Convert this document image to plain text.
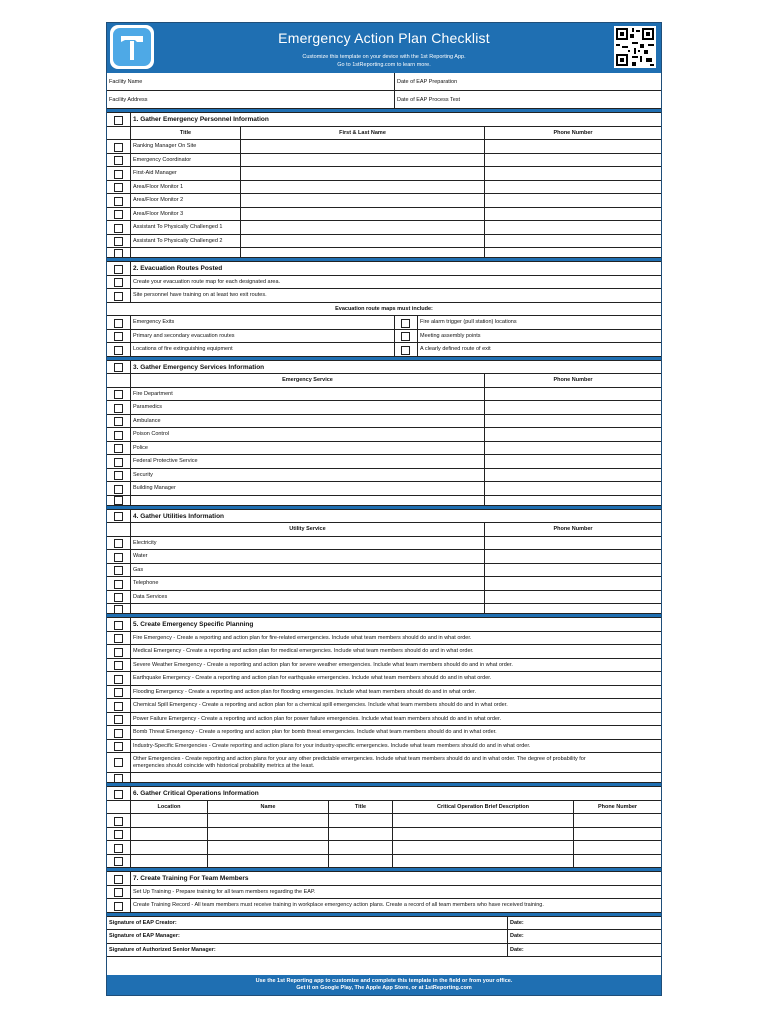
Emergency Action Plan Checklist
Customize this template on your device with the 1st Reporting App.
Go to 1stReporting.com to learn more.
Facility Name	Date of EAP Preparation
Facility Address	Date of EAP Process Test
1. Gather Emergency Personnel Information
Title	First & Last Name	Phone Number
Ranking Manager On Site
Emergency Coordinator
First-Aid Manager
Area/Floor Monitor 1
Area/Floor Monitor 2
Area/Floor Monitor 3
Assistant To Physically Challenged 1
Assistant To Physically Challenged 2
2. Evacuation Routes Posted
Create your evacuation route map for each designated area.
Site personnel have training on at least two exit routes.
Evacuation route maps must include:
Emergency Exits	Fire alarm trigger (pull station) locations
Primary and secondary evacuation routes	Meeting assembly points
Locations of fire extinguishing equipment	A clearly defined route of exit
3. Gather Emergency Services Information
Emergency Service	Phone Number
Fire Department
Paramedics
Ambulance
Poison Control
Police
Federal Protective Service
Security
Building Manager
4. Gather Utilities Information
Utility Service	Phone Number
Electricity
Water
Gas
Telephone
Data Services
5. Create Emergency Specific Planning
Fire Emergency - Create a reporting and action plan for fire-related emergencies. Include what team members should do and in what order.
Medical Emergency - Create a reporting and action plan for medical emergencies. Include what team members should do and in what order.
Severe Weather Emergency - Create a reporting and action plan for severe weather emergencies. Include what team members should do and in what order.
Earthquake Emergency - Create a reporting and action plan for earthquake emergencies. Include what team members should do and in what order.
Flooding Emergency - Create a reporting and action plan for flooding emergencies. Include what team members should do and in what order.
Chemical Spill Emergency - Create a reporting and action plan for a chemical spill emergencies. Include what team members should do and in what order.
Power Failure Emergency - Create a reporting and action plan for power failure emergencies. Include what team members should do and in what order.
Bomb Threat Emergency - Create a reporting and action plan for bomb threat emergencies. Include what team members should do and in what order.
Industry-Specific Emergencies - Create reporting and action plans for your industry-specific emergencies. Include what team members should do and in what order.
Other Emergencies - Create reporting and action plans for your any other predictable emergencies. Include what team members should do and in what order. The degree of probability for
emergencies should coincide with historical probability metrics at the least.
6. Gather Critical Operations Information
Location	Name	Title	Critical Operation Brief Description	Phone Number
7. Create Training For Team Members
Set Up Training - Prepare training for all team members regarding the EAP.
Create Training Record - All team members must receive training in workplace emergency action plans. Create a record of all team members who have received training.
Signature of EAP Creator:	Date:
Signature of EAP Manager:	Date:
Signature of Authorized Senior Manager:	Date:
Use the 1st Reporting app to customize and complete this template in the field or from your office.
Get it on Google Play, The Apple App Store, or at 1stReporting.com
